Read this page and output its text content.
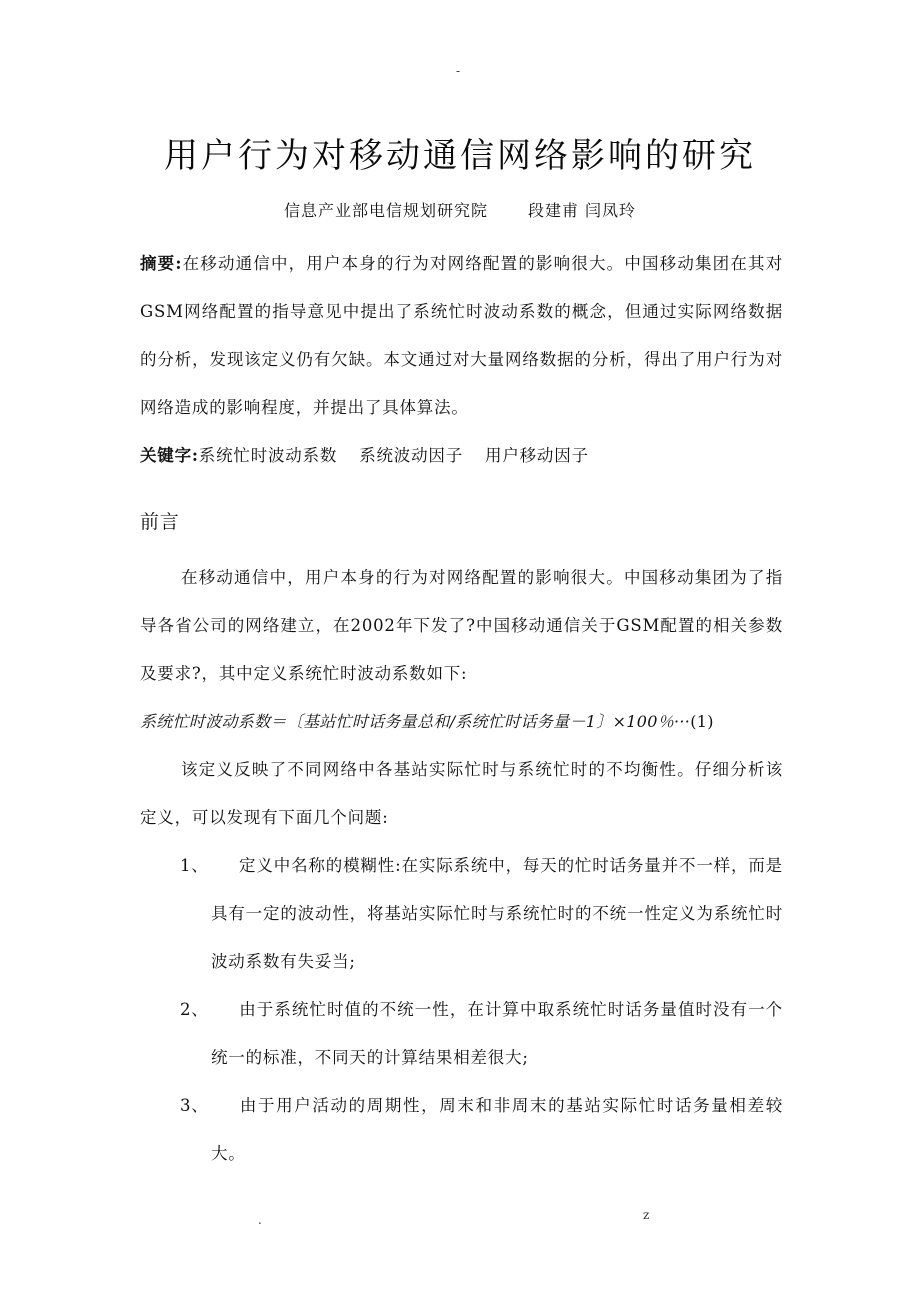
-
用户行为对移动通信网络影响的研究
信息产业部电信规划研究院	段建甫 闫凤玲

摘要:在移动通信中，用户本身的行为对网络配置的影响很大。中国移动集团在其对GSM网络配置的指导意见中提出了系统忙时波动系数的概念，但通过实际网络数据的分析，发现该定义仍有欠缺。本文通过对大量网络数据的分析，得出了用户行为对网络造成的影响程度，并提出了具体算法。

关键字:系统忙时波动系数 系统波动因子 用户移动因子

前言

在移动通信中，用户本身的行为对网络配置的影响很大。中国移动集团为了指导各省公司的网络建立，在2002年下发了?中国移动通信关于GSM配置的相关参数及要求?，其中定义系统忙时波动系数如下:

系统忙时波动系数＝〔基站忙时话务量总和/系统忙时话务量－1〕×100％···(1)

该定义反映了不同网络中各基站实际忙时与系统忙时的不均衡性。仔细分析该定义，可以发现有下面几个问题:

1、 定义中名称的模糊性:在实际系统中，每天的忙时话务量并不一样，而是具有一定的波动性，将基站实际忙时与系统忙时的不统一性定义为系统忙时波动系数有失妥当;
2、 由于系统忙时值的不统一性，在计算中取系统忙时话务量值时没有一个统一的标准，不同天的计算结果相差很大;
3、 由于用户活动的周期性，周末和非周末的基站实际忙时话务量相差较大。
.	z
